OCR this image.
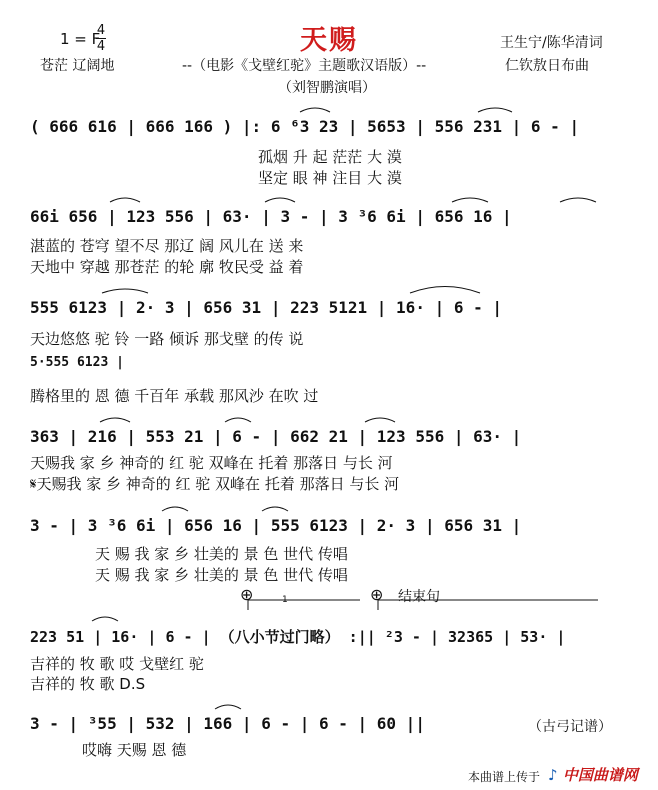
天赐
1 = F
4
4	王生宁/陈华清词
苍茫 辽阔地	--（电影《戈壁红驼》主题歌汉语版）--	仁钦敖日布曲
（刘智鹏演唱）
( 666 616 | 666 166 ) |: 6 ⁶3 23 | 5653 | 556 231 | 6 - |
孤烟 升 起 茫茫 大 漠
坚定 眼 神 注目 大 漠
66i 656 | 123 556 | 63· | 3 - | 3 ³6 6i | 656 16 |
湛蓝的 苍穹 望不尽 那辽 阔 风儿在 送 来
天地中 穿越 那苍茫 的轮 廓 牧民受 益 着
555 6123 | 2· 3 | 656 31 | 223 5121 | 16· | 6 - |
天边悠悠 驼 铃 一路 倾诉 那戈壁 的传 说
5·555 6123 |
腾格里的 恩 德 千百年 承载 那风沙 在吹 过
363 | 216 | 553 21 | 6 - | 662 21 | 123 556 | 63· |
天赐我 家 乡 神奇的 红 驼 双峰在 托着 那落日 与长 河
𝄋天赐我 家 乡 神奇的 红 驼 双峰在 托着 那落日 与长 河
3 - | 3 ³6 6i | 656 16 | 555 6123 | 2· 3 | 656 31 |
天 赐 我 家 乡 壮美的 景 色 世代 传唱
天 赐 我 家 乡 壮美的 景 色 世代 传唱
⊕	1	⊕ 结束句
223 51 | 16· | 6 - | （八小节过门略） :|| ²3 - | 32365 | 53· |
吉祥的 牧 歌 哎 戈壁红 驼
吉祥的 牧 歌 D.S
3 - | ³55 | 532 | 166 | 6 - | 6 - | 60 ||
哎嗨 天赐 恩 德
（古弓记谱）
本曲谱上传于 ♪ 中国曲谱网
